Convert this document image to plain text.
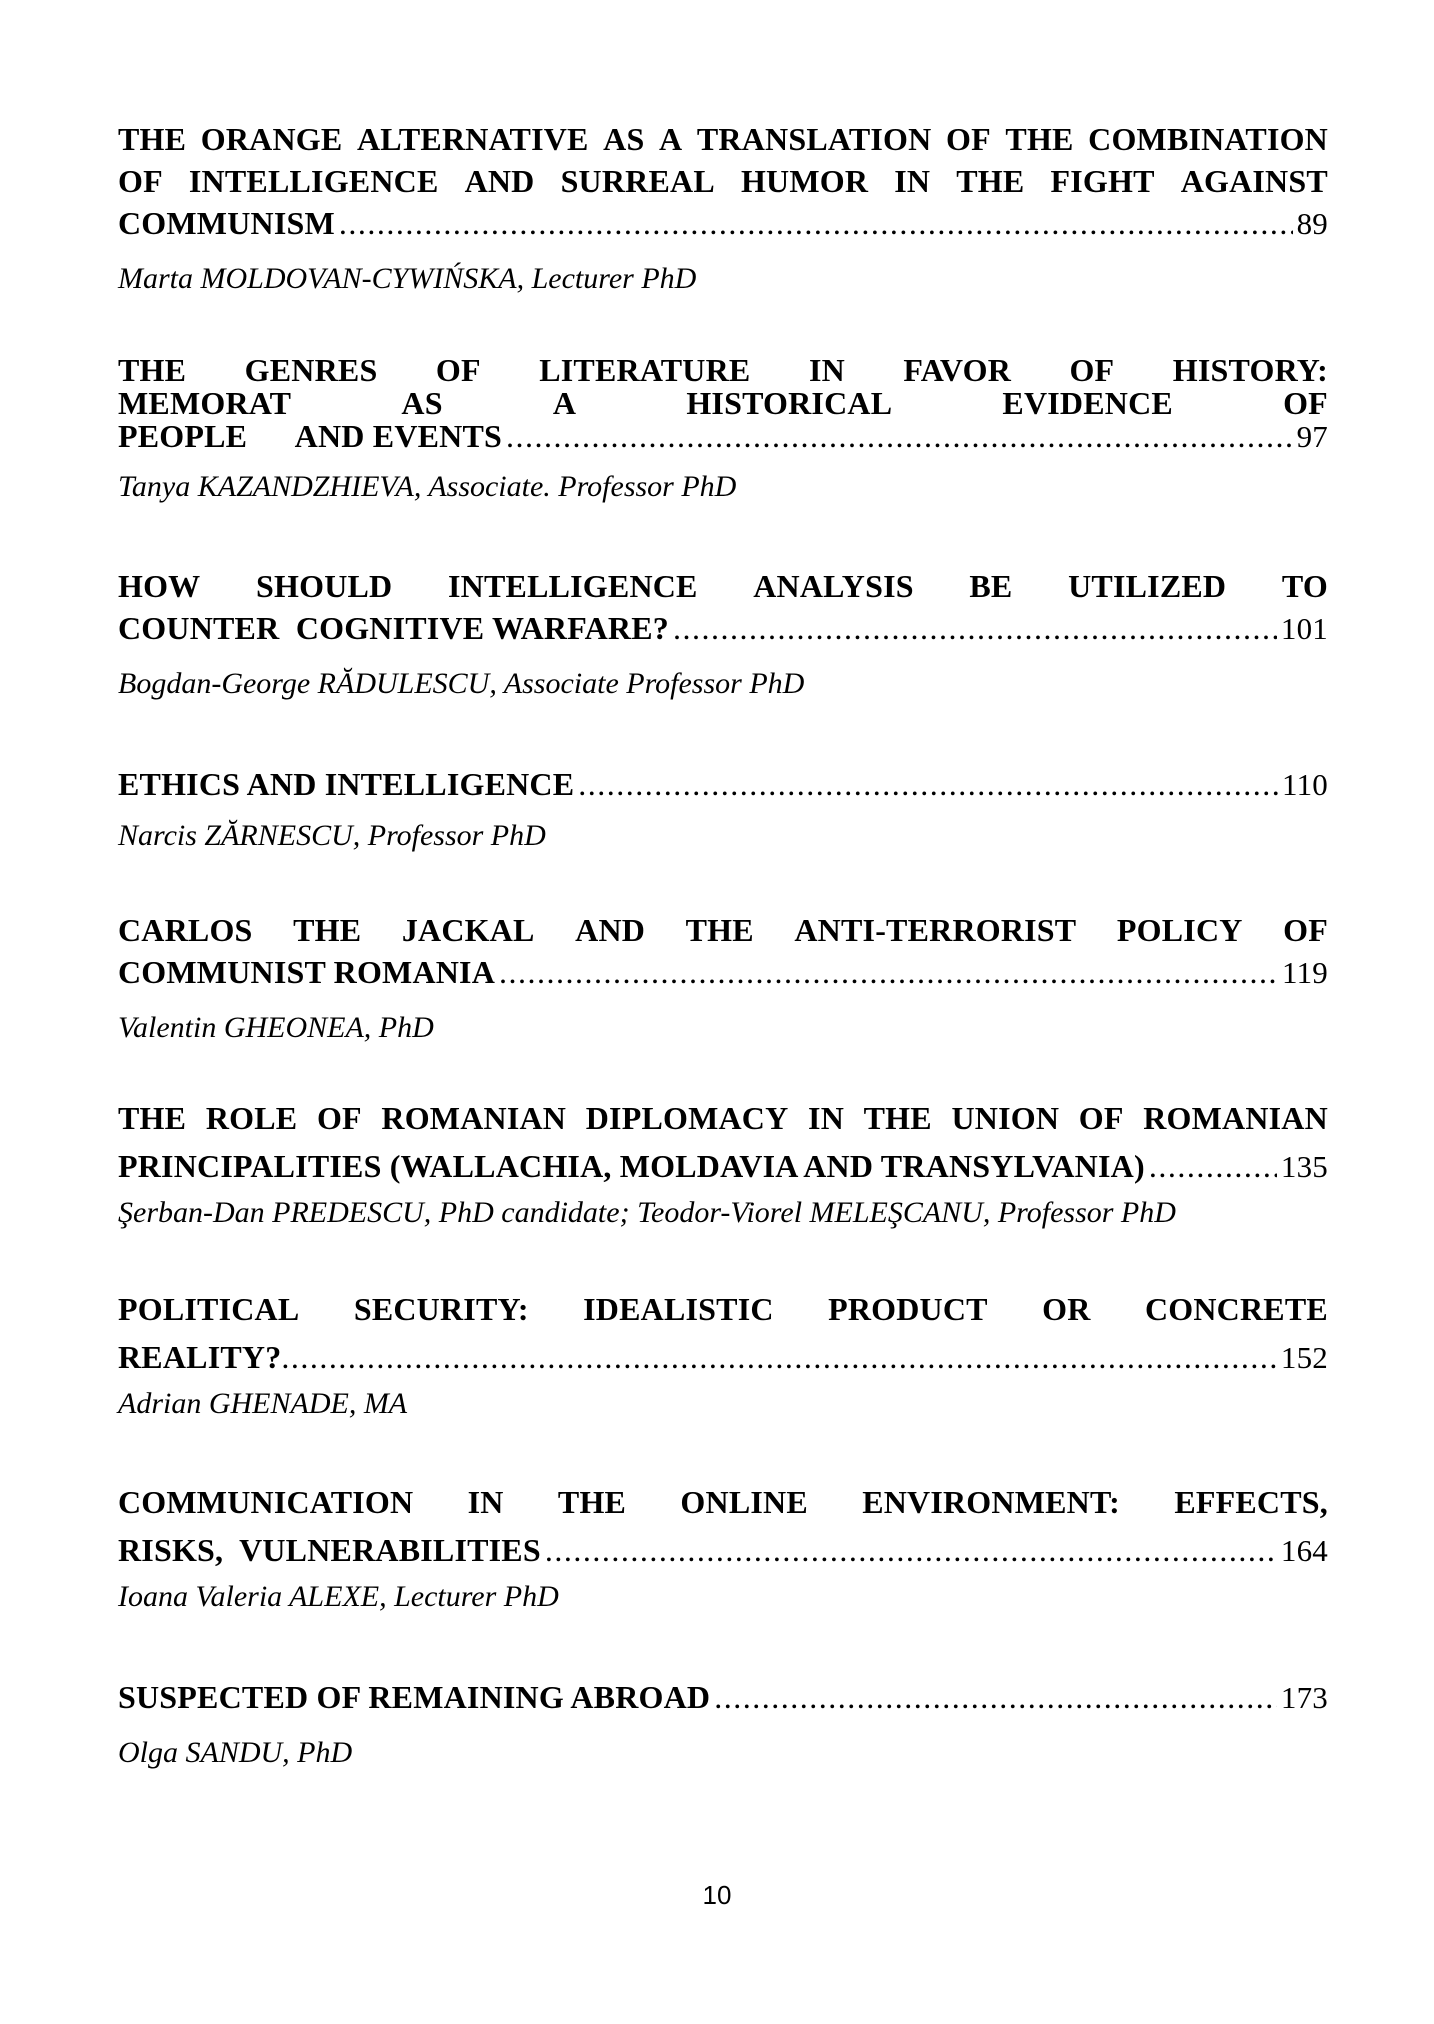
THE ORANGE ALTERNATIVE AS A TRANSLATION OF THE COMBINATION
OF INTELLIGENCE AND SURREAL HUMOR IN THE FIGHT AGAINST
COMMUNISM .....	89
Marta MOLDOVAN-CYWIŃSKA, Lecturer PhD
THE GENRES OF LITERATURE IN FAVOR OF HISTORY:
MEMORAT	AS	A	HISTORICAL	EVIDENCE	OF
PEOPLE      AND EVENTS .....	97
Tanya KAZANDZHIEVA, Associate. Professor PhD
HOW SHOULD INTELLIGENCE ANALYSIS BE UTILIZED TO
COUNTER  COGNITIVE WARFARE? .....	101
Bogdan-George RĂDULESCU, Associate Professor PhD
ETHICS AND INTELLIGENCE .....	110
Narcis ZĂRNESCU, Professor PhD
CARLOS THE JACKAL AND THE ANTI-TERRORIST POLICY OF
COMMUNIST ROMANIA .....	119
Valentin GHEONEA, PhD
THE ROLE OF ROMANIAN DIPLOMACY IN THE UNION OF ROMANIAN
PRINCIPALITIES (WALLACHIA, MOLDAVIA AND TRANSYLVANIA) .....	135
Şerban-Dan PREDESCU, PhD candidate; Teodor-Viorel MELEŞCANU, Professor PhD
POLITICAL SECURITY: IDEALISTIC PRODUCT OR CONCRETE
REALITY? .....	152
Adrian GHENADE, MA
COMMUNICATION IN THE ONLINE ENVIRONMENT: EFFECTS,
RISKS,  VULNERABILITIES .....	164
Ioana Valeria ALEXE, Lecturer PhD
SUSPECTED OF REMAINING ABROAD .....	173
Olga SANDU, PhD
10
